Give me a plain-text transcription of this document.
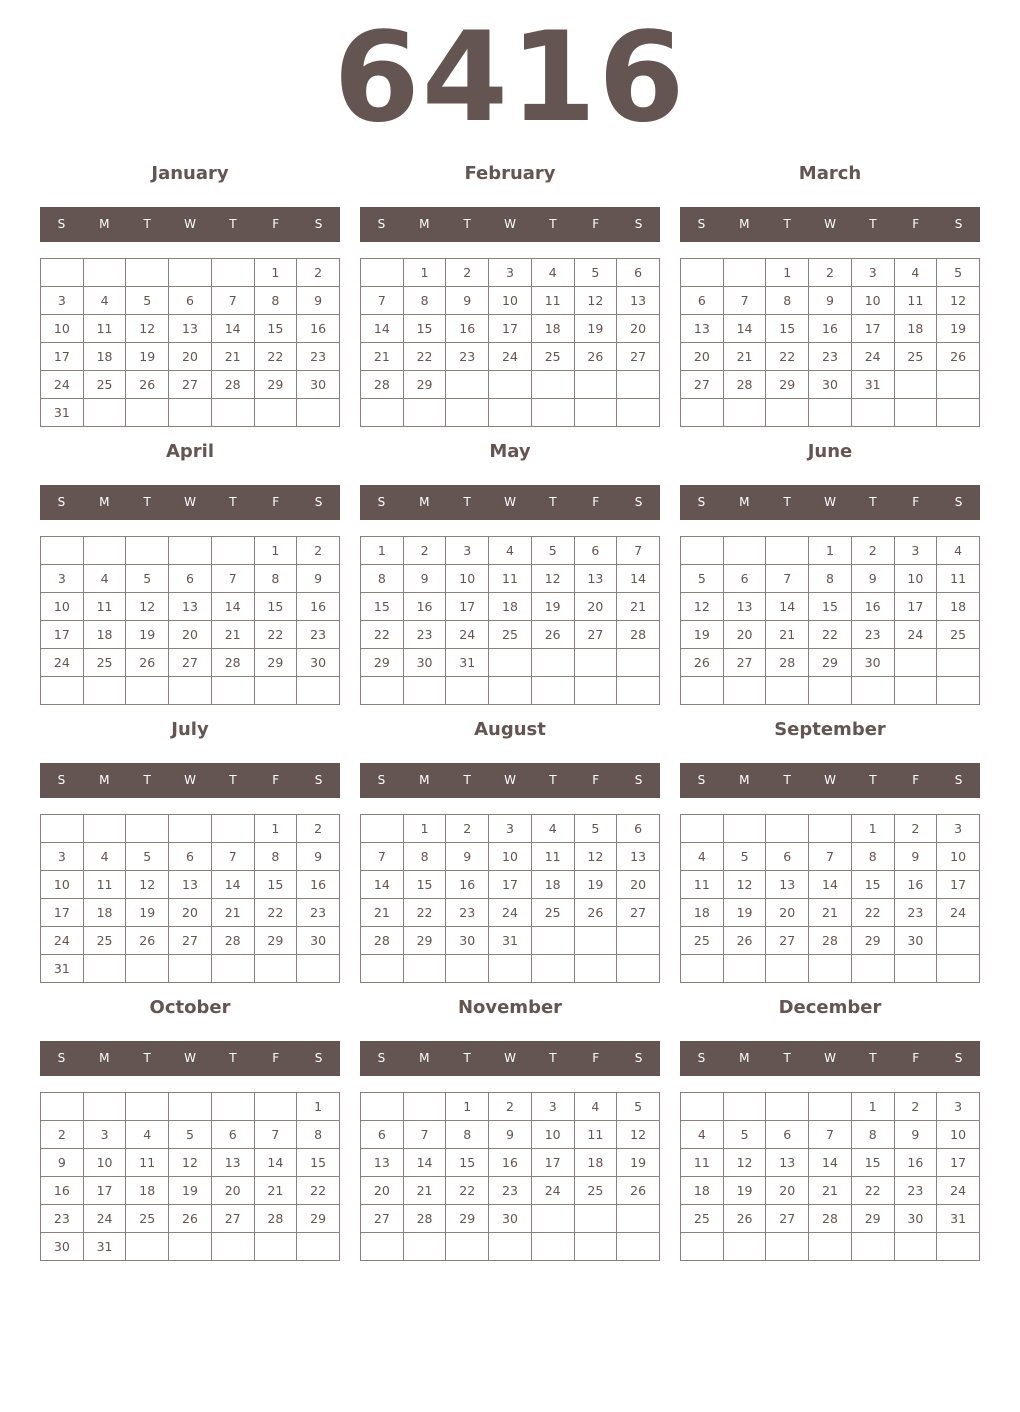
6416
January
S	M	T	W	T	F	S
					1	2
3	4	5	6	7	8	9
10	11	12	13	14	15	16
17	18	19	20	21	22	23
24	25	26	27	28	29	30
31						
February
S	M	T	W	T	F	S
	1	2	3	4	5	6
7	8	9	10	11	12	13
14	15	16	17	18	19	20
21	22	23	24	25	26	27
28	29					

March
S	M	T	W	T	F	S
		1	2	3	4	5
6	7	8	9	10	11	12
13	14	15	16	17	18	19
20	21	22	23	24	25	26
27	28	29	30	31		

April
S	M	T	W	T	F	S
					1	2
3	4	5	6	7	8	9
10	11	12	13	14	15	16
17	18	19	20	21	22	23
24	25	26	27	28	29	30

May
S	M	T	W	T	F	S
1	2	3	4	5	6	7
8	9	10	11	12	13	14
15	16	17	18	19	20	21
22	23	24	25	26	27	28
29	30	31				

June
S	M	T	W	T	F	S
			1	2	3	4
5	6	7	8	9	10	11
12	13	14	15	16	17	18
19	20	21	22	23	24	25
26	27	28	29	30		

July
S	M	T	W	T	F	S
					1	2
3	4	5	6	7	8	9
10	11	12	13	14	15	16
17	18	19	20	21	22	23
24	25	26	27	28	29	30
31						
August
S	M	T	W	T	F	S
	1	2	3	4	5	6
7	8	9	10	11	12	13
14	15	16	17	18	19	20
21	22	23	24	25	26	27
28	29	30	31			

September
S	M	T	W	T	F	S
				1	2	3
4	5	6	7	8	9	10
11	12	13	14	15	16	17
18	19	20	21	22	23	24
25	26	27	28	29	30	

October
S	M	T	W	T	F	S
						1
2	3	4	5	6	7	8
9	10	11	12	13	14	15
16	17	18	19	20	21	22
23	24	25	26	27	28	29
30	31					
November
S	M	T	W	T	F	S
		1	2	3	4	5
6	7	8	9	10	11	12
13	14	15	16	17	18	19
20	21	22	23	24	25	26
27	28	29	30			

December
S	M	T	W	T	F	S
				1	2	3
4	5	6	7	8	9	10
11	12	13	14	15	16	17
18	19	20	21	22	23	24
25	26	27	28	29	30	31
